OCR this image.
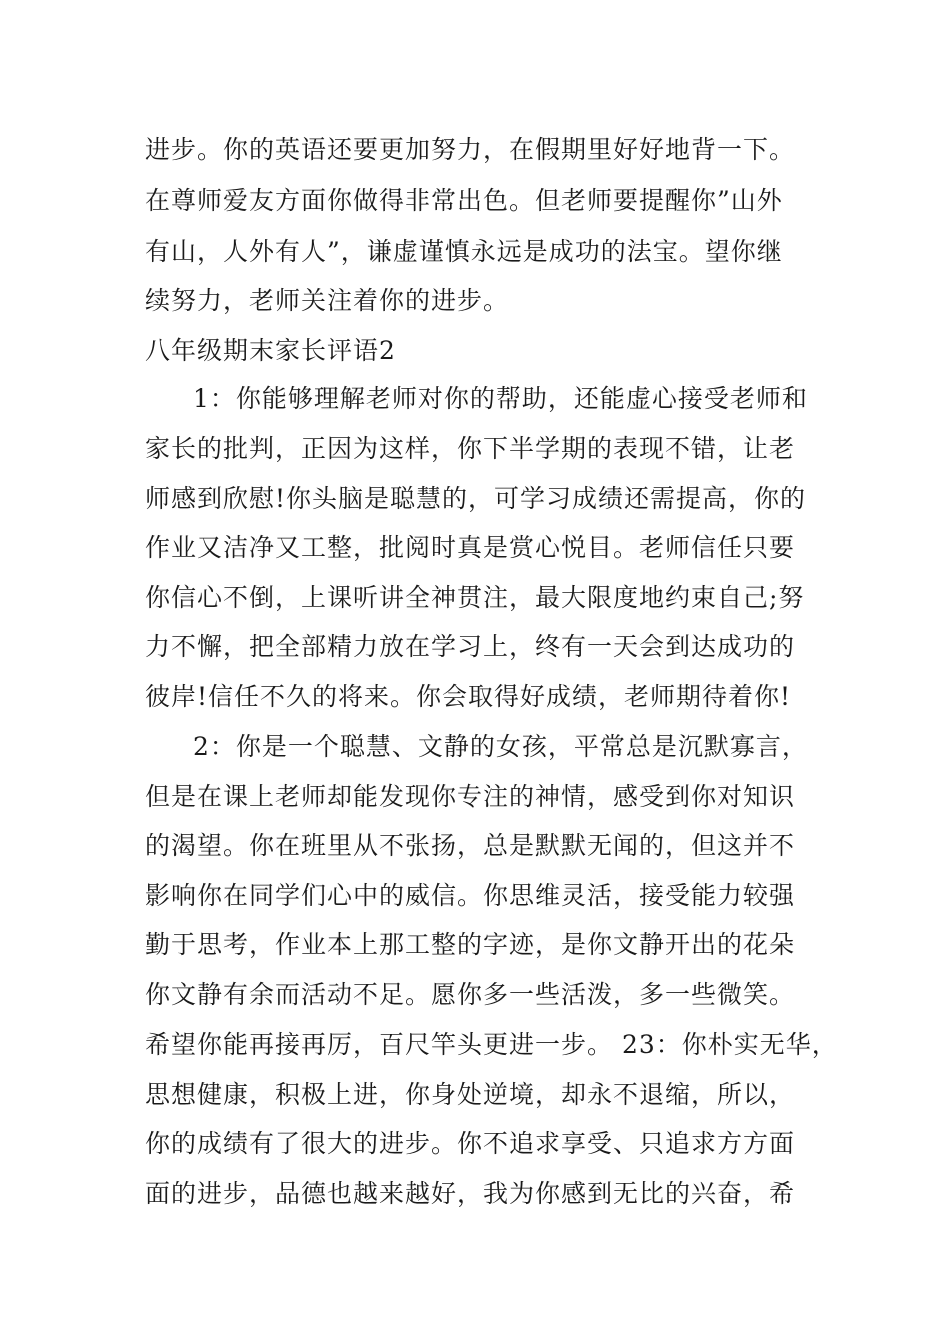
进步。你的英语还要更加努力，在假期里好好地背一下。

在尊师爱友方面你做得非常出色。但老师要提醒你”山外

有山，人外有人”，谦虚谨慎永远是成功的法宝。望你继

续努力，老师关注着你的进步。

八年级期末家长评语2

1：你能够理解老师对你的帮助，还能虚心接受老师和

家长的批判，正因为这样，你下半学期的表现不错，让老

师感到欣慰!你头脑是聪慧的，可学习成绩还需提高，你的

作业又洁净又工整，批阅时真是赏心悦目。老师信任只要

你信心不倒，上课听讲全神贯注，最大限度地约束自己;努

力不懈，把全部精力放在学习上，终有一天会到达成功的

彼岸!信任不久的将来。你会取得好成绩，老师期待着你!

2：你是一个聪慧、文静的女孩，平常总是沉默寡言，

但是在课上老师却能发现你专注的神情，感受到你对知识

的渴望。你在班里从不张扬，总是默默无闻的，但这并不

影响你在同学们心中的威信。你思维灵活，接受能力较强

勤于思考，作业本上那工整的字迹，是你文静开出的花朵

你文静有余而活动不足。愿你多一些活泼，多一些微笑。

希望你能再接再厉，百尺竿头更进一步。 23：你朴实无华，

思想健康，积极上进，你身处逆境，却永不退缩，所以，

你的成绩有了很大的进步。你不追求享受、只追求方方面

面的进步，品德也越来越好，我为你感到无比的兴奋，希
